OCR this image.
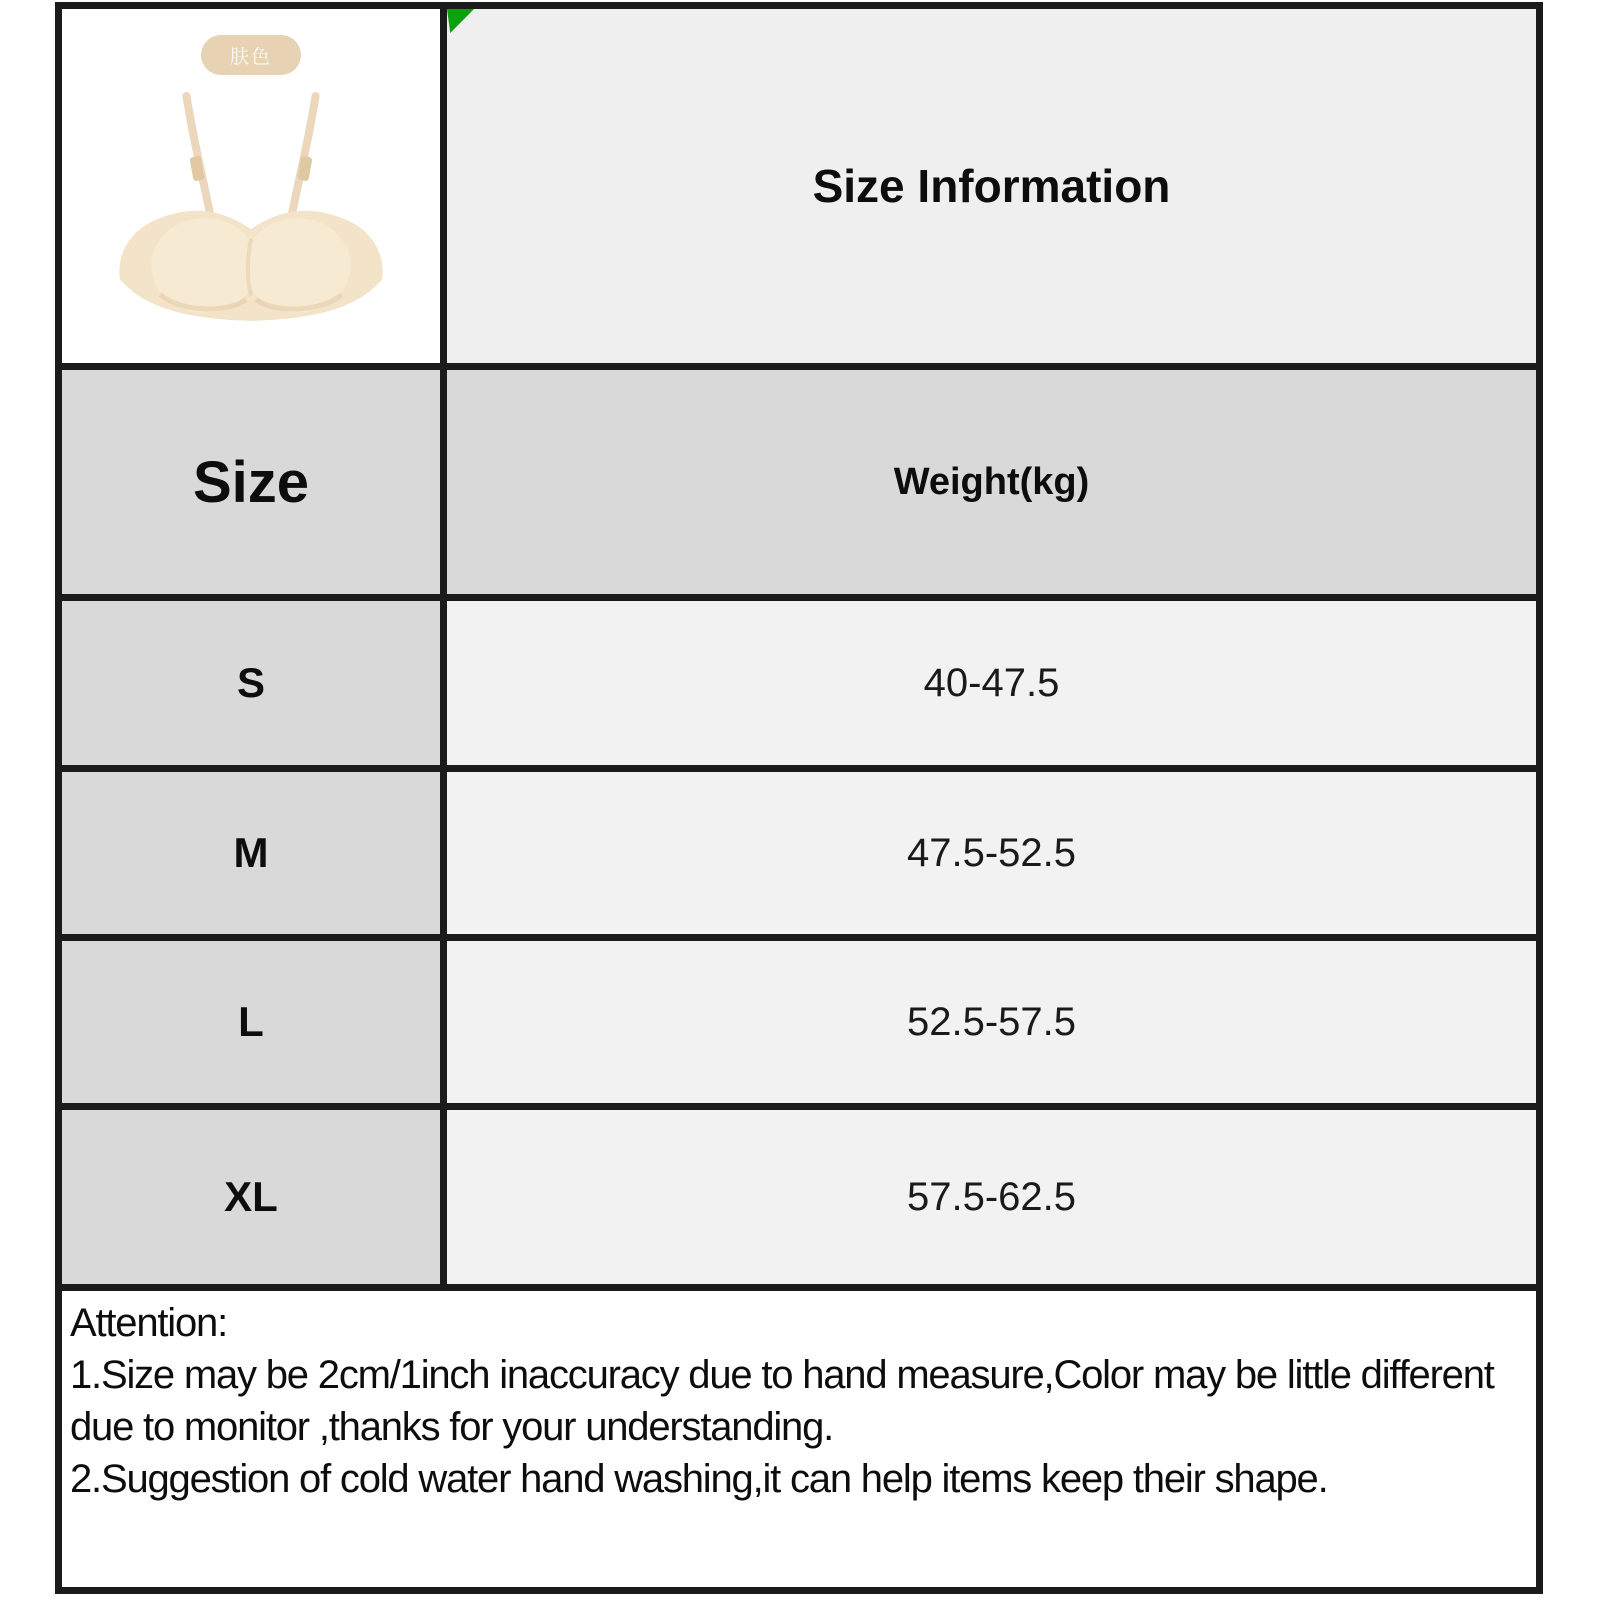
肤色
Size Information
Size	Weight(kg)
S	40-47.5
M	47.5-52.5
L	52.5-57.5
XL	57.5-62.5

Attention:

1.Size may be 2cm/1inch inaccuracy due to hand measure,Color may be little different due to monitor ,thanks for your understanding.

2.Suggestion of cold water hand washing,it can help items keep their shape.
